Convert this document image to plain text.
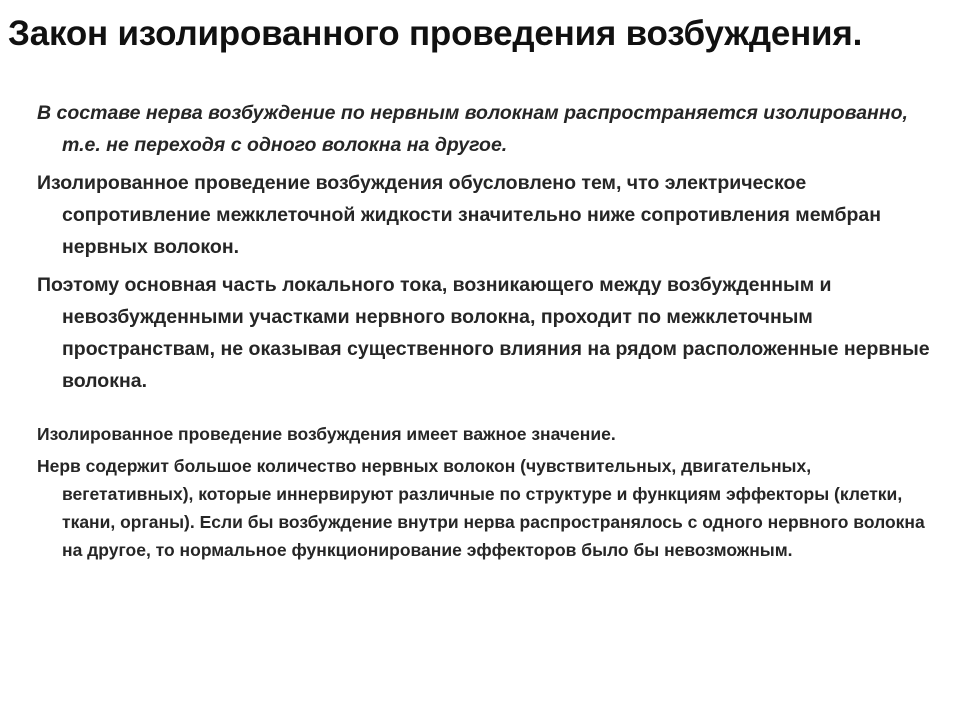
Закон изолированного проведения возбуждения.

В составе нерва возбуждение по нервным волокнам распространяется изолированно, т.е. не переходя с одного волокна на другое.

Изолированное проведение возбуждения обусловлено тем, что электрическое сопротивление межклеточной жидкости значительно ниже сопротивления мембран нервных волокон.

Поэтому основная часть локального тока, возникающего между возбужденным и невозбужденными участками нервного волокна, проходит по межклеточным пространствам, не оказывая существенного влияния на рядом расположенные нервные волокна.

Изолированное проведение возбуждения имеет важное значение.

Нерв содержит большое количество нервных волокон (чувствительных, двигательных, вегетативных), которые иннервируют различные по структуре и функциям эффекторы (клетки, ткани, органы). Если бы возбуждение внутри нерва распространялось с одного нервного волокна на другое, то нормальное функционирование эффекторов было бы невозможным.
